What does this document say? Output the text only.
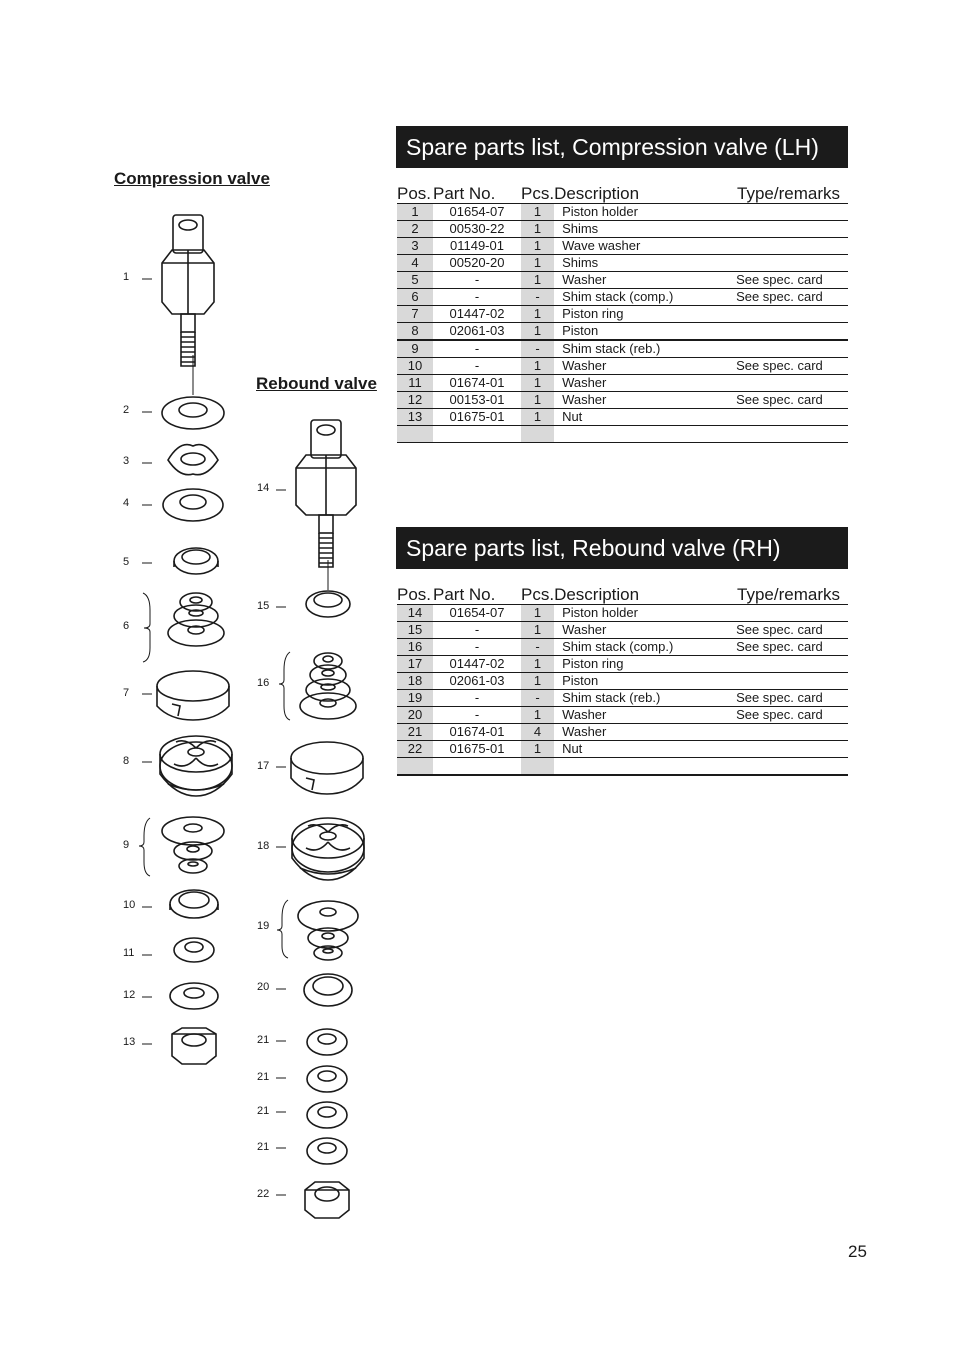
Compression valve
Rebound valve
1
2
3
4
5
6
7
8
9
10
11
12
13
14
15
16
17
18
19
20
21
21
21
21
22
Spare parts list, Compression valve (LH)
Pos.	Part No.	Pcs.	Description	Type/remarks
1	01654-07	1	Piston holder	
2	00530-22	1	Shims	
3	01149-01	1	Wave washer	
4	00520-20	1	Shims	
5	-	1	Washer	See spec. card
6	-	-	Shim stack (comp.)	See spec. card
7	01447-02	1	Piston ring	
8	02061-03	1	Piston	
9	-	-	Shim stack (reb.)	
10	-	1	Washer	See spec. card
11	01674-01	1	Washer	
12	00153-01	1	Washer	See spec. card
13	01675-01	1	Nut	

Spare parts list, Rebound valve (RH)
Pos.	Part No.	Pcs.	Description	Type/remarks
14	01654-07	1	Piston holder	
15	-	1	Washer	See spec. card
16	-	-	Shim stack (comp.)	See spec. card
17	01447-02	1	Piston ring	
18	02061-03	1	Piston	
19	-	-	Shim stack (reb.)	See spec. card
20	-	1	Washer	See spec. card
21	01674-01	4	Washer	
22	01675-01	1	Nut	

25
